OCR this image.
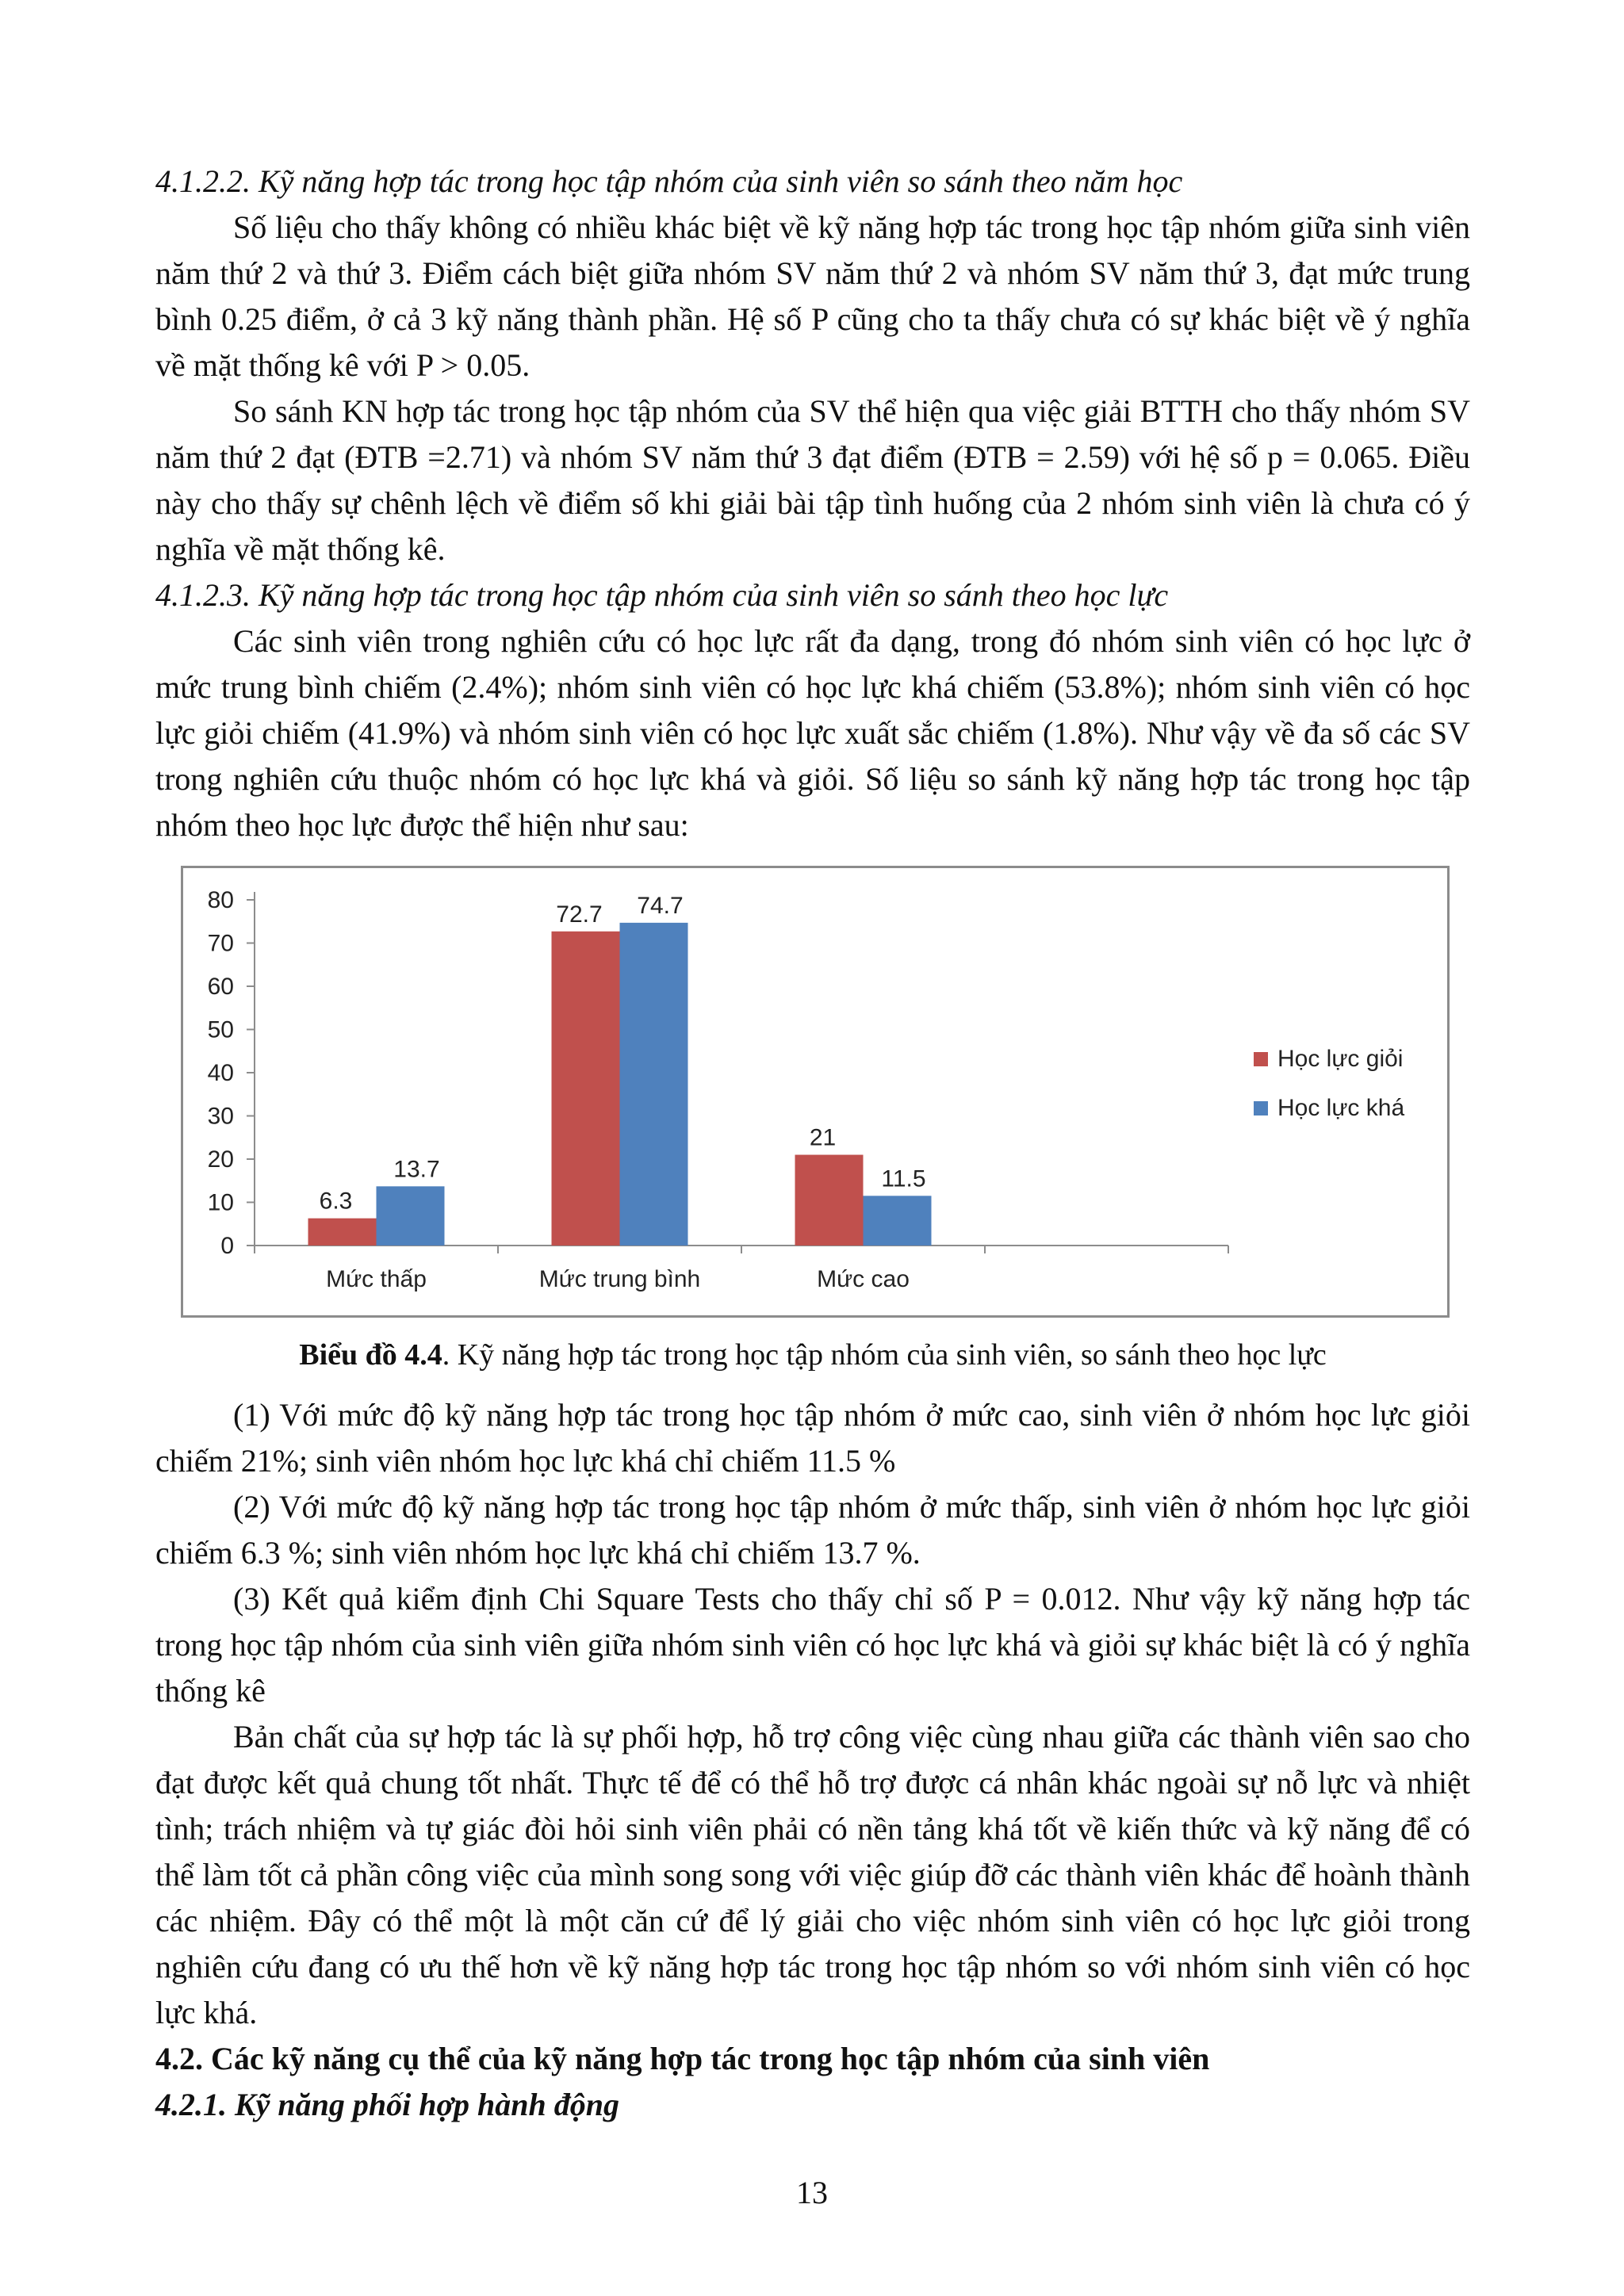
4.1.2.2. Kỹ năng hợp tác trong học tập nhóm của sinh viên so sánh theo năm học

Số liệu cho thấy không có nhiều khác biệt về kỹ năng hợp tác trong học tập nhóm giữa sinh viên năm thứ 2 và thứ 3. Điểm cách biệt giữa nhóm SV năm thứ 2 và nhóm SV năm thứ 3, đạt mức trung bình 0.25 điểm, ở cả 3 kỹ năng thành phần. Hệ số P cũng cho ta thấy chưa có sự khác biệt về ý nghĩa về mặt thống kê với P > 0.05.

So sánh KN hợp tác trong học tập nhóm của SV thể hiện qua việc giải BTTH cho thấy nhóm SV năm thứ 2 đạt (ĐTB =2.71) và nhóm SV năm thứ 3 đạt điểm (ĐTB = 2.59) với hệ số p = 0.065. Điều này cho thấy sự chênh lệch về điểm số khi giải bài tập tình huống của 2 nhóm sinh viên là chưa có ý nghĩa về mặt thống kê.

4.1.2.3. Kỹ năng hợp tác trong học tập nhóm của sinh viên so sánh theo học lực

Các sinh viên trong nghiên cứu có học lực rất đa dạng, trong đó nhóm sinh viên có học lực ở mức trung bình chiếm (2.4%); nhóm sinh viên có học lực khá chiếm (53.8%); nhóm sinh viên có học lực giỏi chiếm (41.9%) và nhóm sinh viên có học lực xuất sắc chiếm (1.8%). Như vậy về đa số các SV trong nghiên cứu thuộc nhóm có học lực khá và giỏi. Số liệu so sánh kỹ năng hợp tác trong học tập nhóm theo học lực được thể hiện như sau:

0
10
20
30
40
50
60
70
80
Mức thấp
6.3
13.7
Mức trung bình
72.7 74.7
Mức cao
21
11.5
Học lực giỏi
Học lực khá

Biểu đồ 4.4. Kỹ năng hợp tác trong học tập nhóm của sinh viên, so sánh theo học lực

(1) Với mức độ kỹ năng hợp tác trong học tập nhóm ở mức cao, sinh viên ở nhóm học lực giỏi chiếm 21%; sinh viên nhóm học lực khá chỉ chiếm 11.5 %

(2) Với mức độ kỹ năng hợp tác trong học tập nhóm ở mức thấp, sinh viên ở nhóm học lực giỏi chiếm 6.3 %; sinh viên nhóm học lực khá chỉ chiếm 13.7 %.

(3) Kết quả kiểm định Chi Square Tests cho thấy chỉ số P = 0.012. Như vậy kỹ năng hợp tác trong học tập nhóm của sinh viên giữa nhóm sinh viên có học lực khá và giỏi sự khác biệt là có ý nghĩa thống kê

Bản chất của sự hợp tác là sự phối hợp, hỗ trợ công việc cùng nhau giữa các thành viên sao cho đạt được kết quả chung tốt nhất. Thực tế để có thể hỗ trợ được cá nhân khác ngoài sự nỗ lực và nhiệt tình; trách nhiệm và tự giác đòi hỏi sinh viên phải có nền tảng khá tốt về kiến thức và kỹ năng để có thể làm tốt cả phần công việc của mình song song với việc giúp đỡ các thành viên khác để hoành thành các nhiệm. Đây có thể một là một căn cứ để lý giải cho việc nhóm sinh viên có học lực giỏi trong nghiên cứu đang có ưu thế hơn về kỹ năng hợp tác trong học tập nhóm so với nhóm sinh viên có học lực khá.

4.2. Các kỹ năng cụ thể của kỹ năng hợp tác trong học tập nhóm của sinh viên
4.2.1. Kỹ năng phối hợp hành động
13
